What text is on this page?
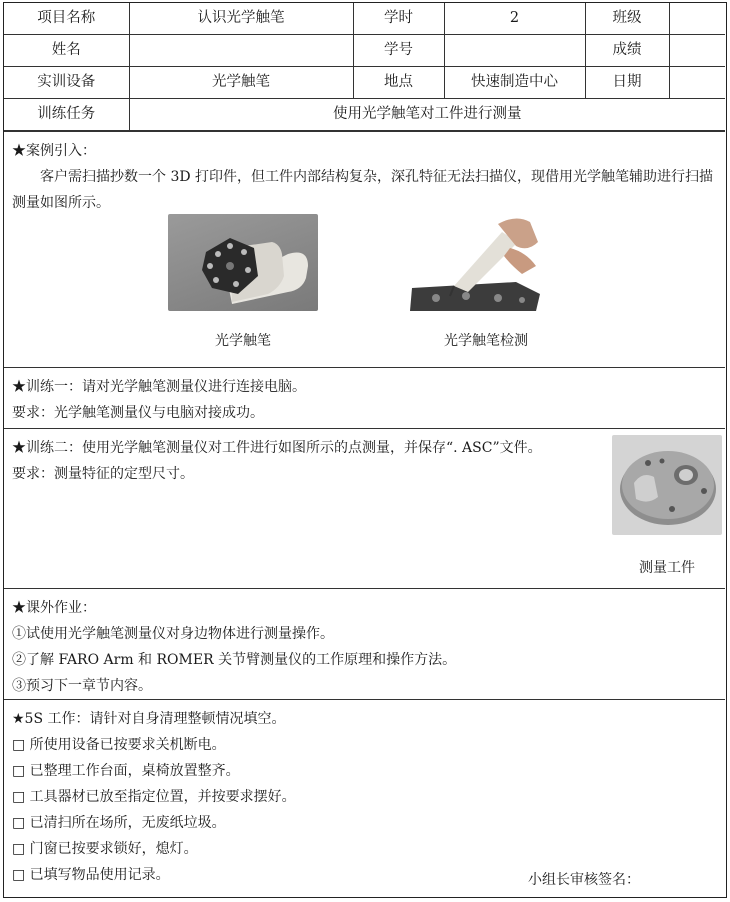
项目名称	认识光学触笔	学时	2	班级	
姓名		学号		成绩	
实训设备	光学触笔	地点	快速制造中心	日期	
训练任务	使用光学触笔对工件进行测量				

★案例引入：

客户需扫描抄数一个 3D 打印件，但工件内部结构复杂，深孔特征无法扫描仪，现借用光学触笔辅助进行扫描测量如图所示。

光学触笔	光学触笔检测

★训练一：请对光学触笔测量仪进行连接电脑。

要求：光学触笔测量仪与电脑对接成功。

★训练二：使用光学触笔测量仪对工件进行如图所示的点测量，并保存“. ASC”文件。

要求：测量特征的定型尺寸。

测量工件

★课外作业：

①试使用光学触笔测量仪对身边物体进行测量操作。

②了解 FARO Arm 和 ROMER 关节臂测量仪的工作原理和操作方法。

③预习下一章节内容。

★5S 工作：请针对自身清理整顿情况填空。

□ 所使用设备已按要求关机断电。

□ 已整理工作台面，桌椅放置整齐。

□ 工具器材已放至指定位置，并按要求摆好。

□ 已清扫所在场所，无废纸垃圾。

□ 门窗已按要求锁好，熄灯。

□ 已填写物品使用记录。	小组长审核签名：
